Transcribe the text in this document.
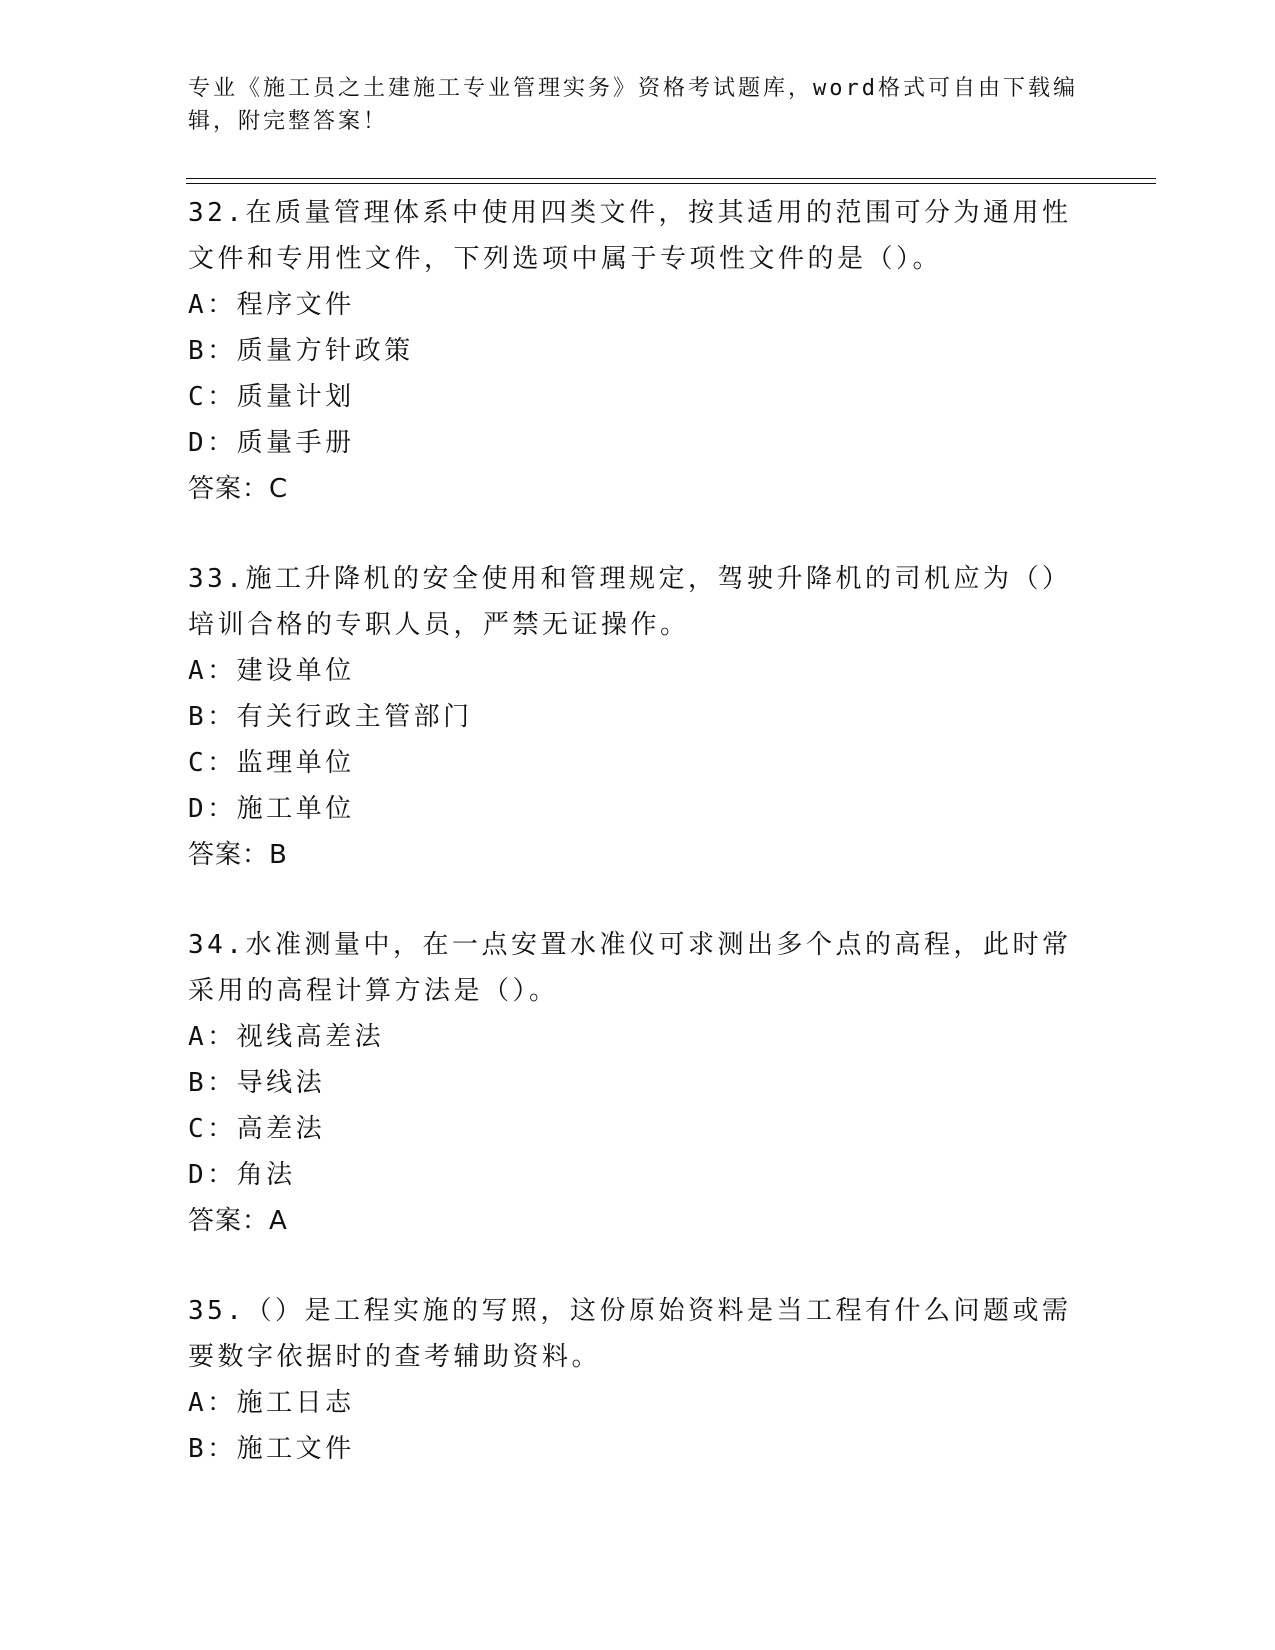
专业《施工员之土建施工专业管理实务》资格考试题库，word格式可自由下载编辑，附完整答案！

32.在质量管理体系中使用四类文件，按其适用的范围可分为通用性文件和专用性文件，下列选项中属于专项性文件的是（）。

A：程序文件

B：质量方针政策

C：质量计划

D：质量手册

答案：C

33.施工升降机的安全使用和管理规定，驾驶升降机的司机应为（）培训合格的专职人员，严禁无证操作。

A：建设单位

B：有关行政主管部门

C：监理单位

D：施工单位

答案：B

34.水准测量中，在一点安置水准仪可求测出多个点的高程，此时常采用的高程计算方法是（）。

A：视线高差法

B：导线法

C：高差法

D：角法

答案：A

35.（）是工程实施的写照，这份原始资料是当工程有什么问题或需要数字依据时的查考辅助资料。

A：施工日志

B：施工文件
